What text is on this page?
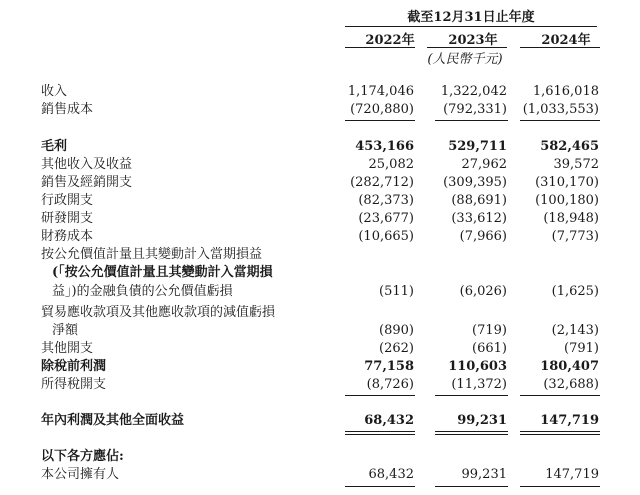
截至12月31日止年度
2022年	2023年	2024年
(人民幣千元)
收入	1,174,046 1,322,042 1,616,018
銷售成本	(720,880) (792,331) (1,033,553)
毛利	453,166	529,711	582,465
其他收入及收益	25,082	27,962	39,572
銷售及經銷開支	(282,712) (309,395) (310,170)
行政開支	(82,373)	(88,691) (100,180)
研發開支	(23,677)	(33,612)	(18,948)
財務成本	(10,665)	(7,966)	(7,773)
按公允價值計量且其變動計入當期損益
(「按公允價值計量且其變動計入當期損
益」)的金融負債的公允價值虧損	(511)	(6,026)	(1,625)
貿易應收款項及其他應收款項的減值虧損
淨額	(890)	(719)	(2,143)
其他開支	(262)	(661)	(791)
除稅前利潤	77,158	110,603	180,407
所得稅開支	(8,726)	(11,372)	(32,688)
年內利潤及其他全面收益	68,432	99,231	147,719
以下各方應佔:
本公司擁有人	68,432	99,231	147,719
